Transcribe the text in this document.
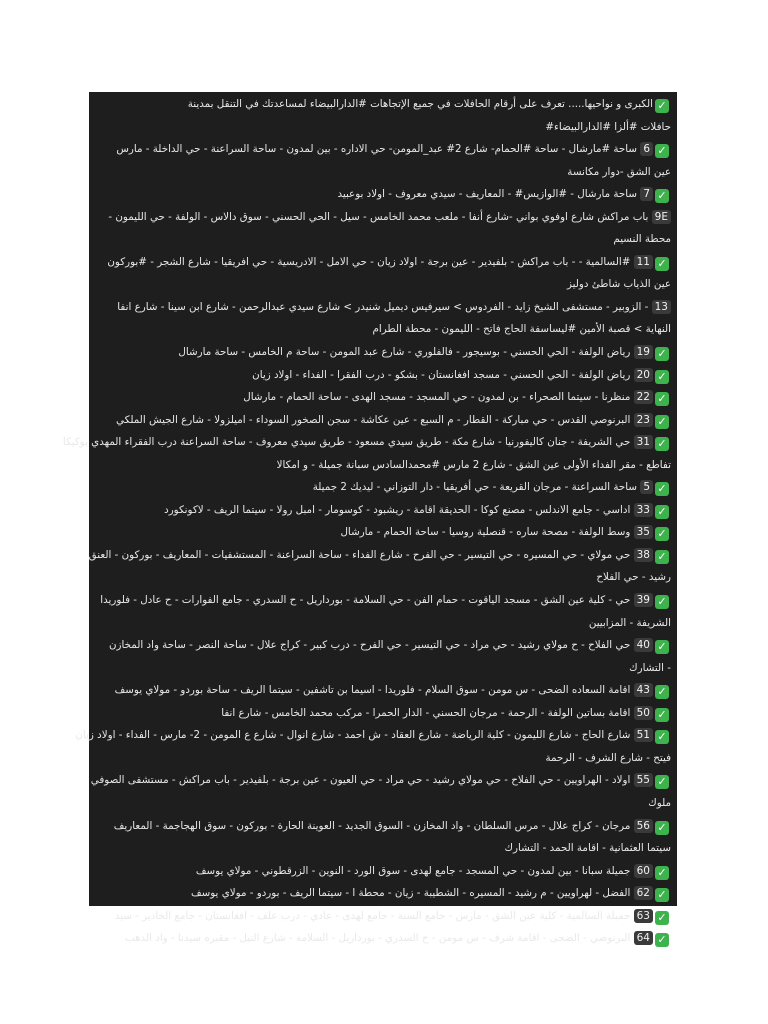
✓الكبرى و نواحيها..... تعرف على أرقام الحافلات في جميع الإتجاهات #الدارالبيضاء لمساعدتك في التنقل بمدينة
حافلات #ألزا #الدارالبيضاء#
✓6 ساحة #مارشال - ساحة #الحمام- شارع 2# عبد_المومن- حي الاداره - بين لمدون - ساحة السراعنة - حي الداخلة - مارس
عين الشق -دوار مكانسة
✓7 ساحة مارشال - #الوازيس# - المعاريف - سيدي معروف - اولاد بوعبيد
9E باب مراكش شارع اوفوي بواني -شارع أنفا - ملعب محمد الخامس - سيل - الحي الحسني - سوق دالاس - الولفة - حي الليمون -
محطة النسيم
✓11 #السالمية - - باب مراكش - بلفيدير - عين برجة - اولاد زيان - حي الامل - الادريسية - حي افريقيا - شارع الشجر - #بوركون
عين الذياب شاطئ دوليز
13 - الزوبير - مستشفى الشيخ زايد - الفردوس > سيرفيس ديميل شنيدر > شارع سيدي عبدالرحمن - شارع ابن سينا - شارع انفا
النهاية > قصبة الأمين #ليساسفة الحاج فاتح - الليمون - محطة الطرام
✓19 رياض الولفة - الحي الحسني - بوسيجور - فالفلوري - شارع عبد المومن - ساحة م الخامس - ساحة مارشال
✓20 رياض الولفة - الحي الحسني - مسجد افغانستان - بشكو - درب الفقرا - الفداء - اولاد زيان
✓22 منظرنا - سيتما الصحراء - بن لمدون - حي المسجد - مسجد الهدى - ساحة الحمام - مارشال
✓23 البرنوصي القدس - حي مباركة - القطار - م السبع - عين عكاشة - سجن الصخور السوداء - اميلزولا - شارع الجيش الملكي
✓31 حي الشريفة - جنان كاليفورنيا - شارع مكة - طريق سيدي مسعود - طريق سيدي معروف - ساحة السراعنة درب الفقراء المهدي بوكيكا
تفاطع - مقر الفداء الأولى عين الشق - شارع 2 مارس #محمدالسادس سبانة جميلة - و امكالا
✓5 ساحة السراعنة - مرجان القريعة - حي أفريقيا - دار التوزاني - ليديك 2 جميلة
✓33 اداسي - جامع الاندلس - مصنع كوكا - الحديقة اقامة - ريشبود - كوسومار - امبل رولا - سيتما الريف - لاكونكورد
✓35 وسط الولفة - مصحة ساره - قنصلية روسيا - ساحة الحمام - مارشال
✓38 حي مولاي - حي المسيره - حي التيسير - حي الفرح - شارع الفداء - ساحة السراعنة - المستشفيات - المعاريف - بوركون - العنق
رشيد - حي الفلاح
✓39 حي - كلية عين الشق - مسجد الياقوت - حمام الفن - حي السلامة - بورداريل - ح السدري - جامع الفوارات - ح عادل - فلوريدا
الشريفة - المزابيين
✓40 حي الفلاح - ح مولاي رشيد - حي مراد - حي التيسير - حي الفرح - درب كبير - كراج علال - ساحة النصر - ساحة واد المخازن
- التشارك
✓43 اقامة السعاده الضحى - س مومن - سوق السلام - فلوريدا - اسيما بن تاشفين - سيتما الريف - ساحة بوردو - مولاي يوسف
✓50 اقامة بساتين الولفة - الرحمة - مرجان الحسني - الدار الحمرا - مركب محمد الخامس - شارع انفا
✓51 شارع الحاج - شارع الليمون - كلية الرياضة - شارع العقاد - ش احمد - شارع انوال - شارع ع المومن - 2- مارس - الفداء - اولاد زيان
فيتح - شارع الشرف - الرحمة
✓55 اولاد - الهراويين - حي الفلاح - حي مولاي رشيد - حي مراد - حي العيون - عين برجة - بلفيدير - باب مراكش - مستشفى الصوفي
ملوك
✓56 مرجان - كراج علال - مرس السلطان - واد المخازن - السوق الجديد - العوينة الحارة - بوركون - سوق الهجاجمة - المعاريف
سيتما العثمانية - اقامة الحمد - التشارك
✓60 جميلة سبانا - بين لمدون - حي المسجد - جامع لهدى - سوق الورد - النوين - الزرقطوني - مولاي يوسف
✓62 الفضل - لهراويين - م رشيد - المسيره - الشطيبة - زيان - محطة ا - سيتما الريف - بوردو - مولاي يوسف
✓63 جميلة السالمية - كلية عين الشق - مارس - جامع السنة - جامع لهدى - عادي - درب علف - افغانستان - جامع الخادير - سيد
✓64 البرنوصي - الضحى - اقامة شرف - س مومن - ح السدري - بورداريل - السلامة - شارع النيل - مقبره سيدنا - واد الدهب
